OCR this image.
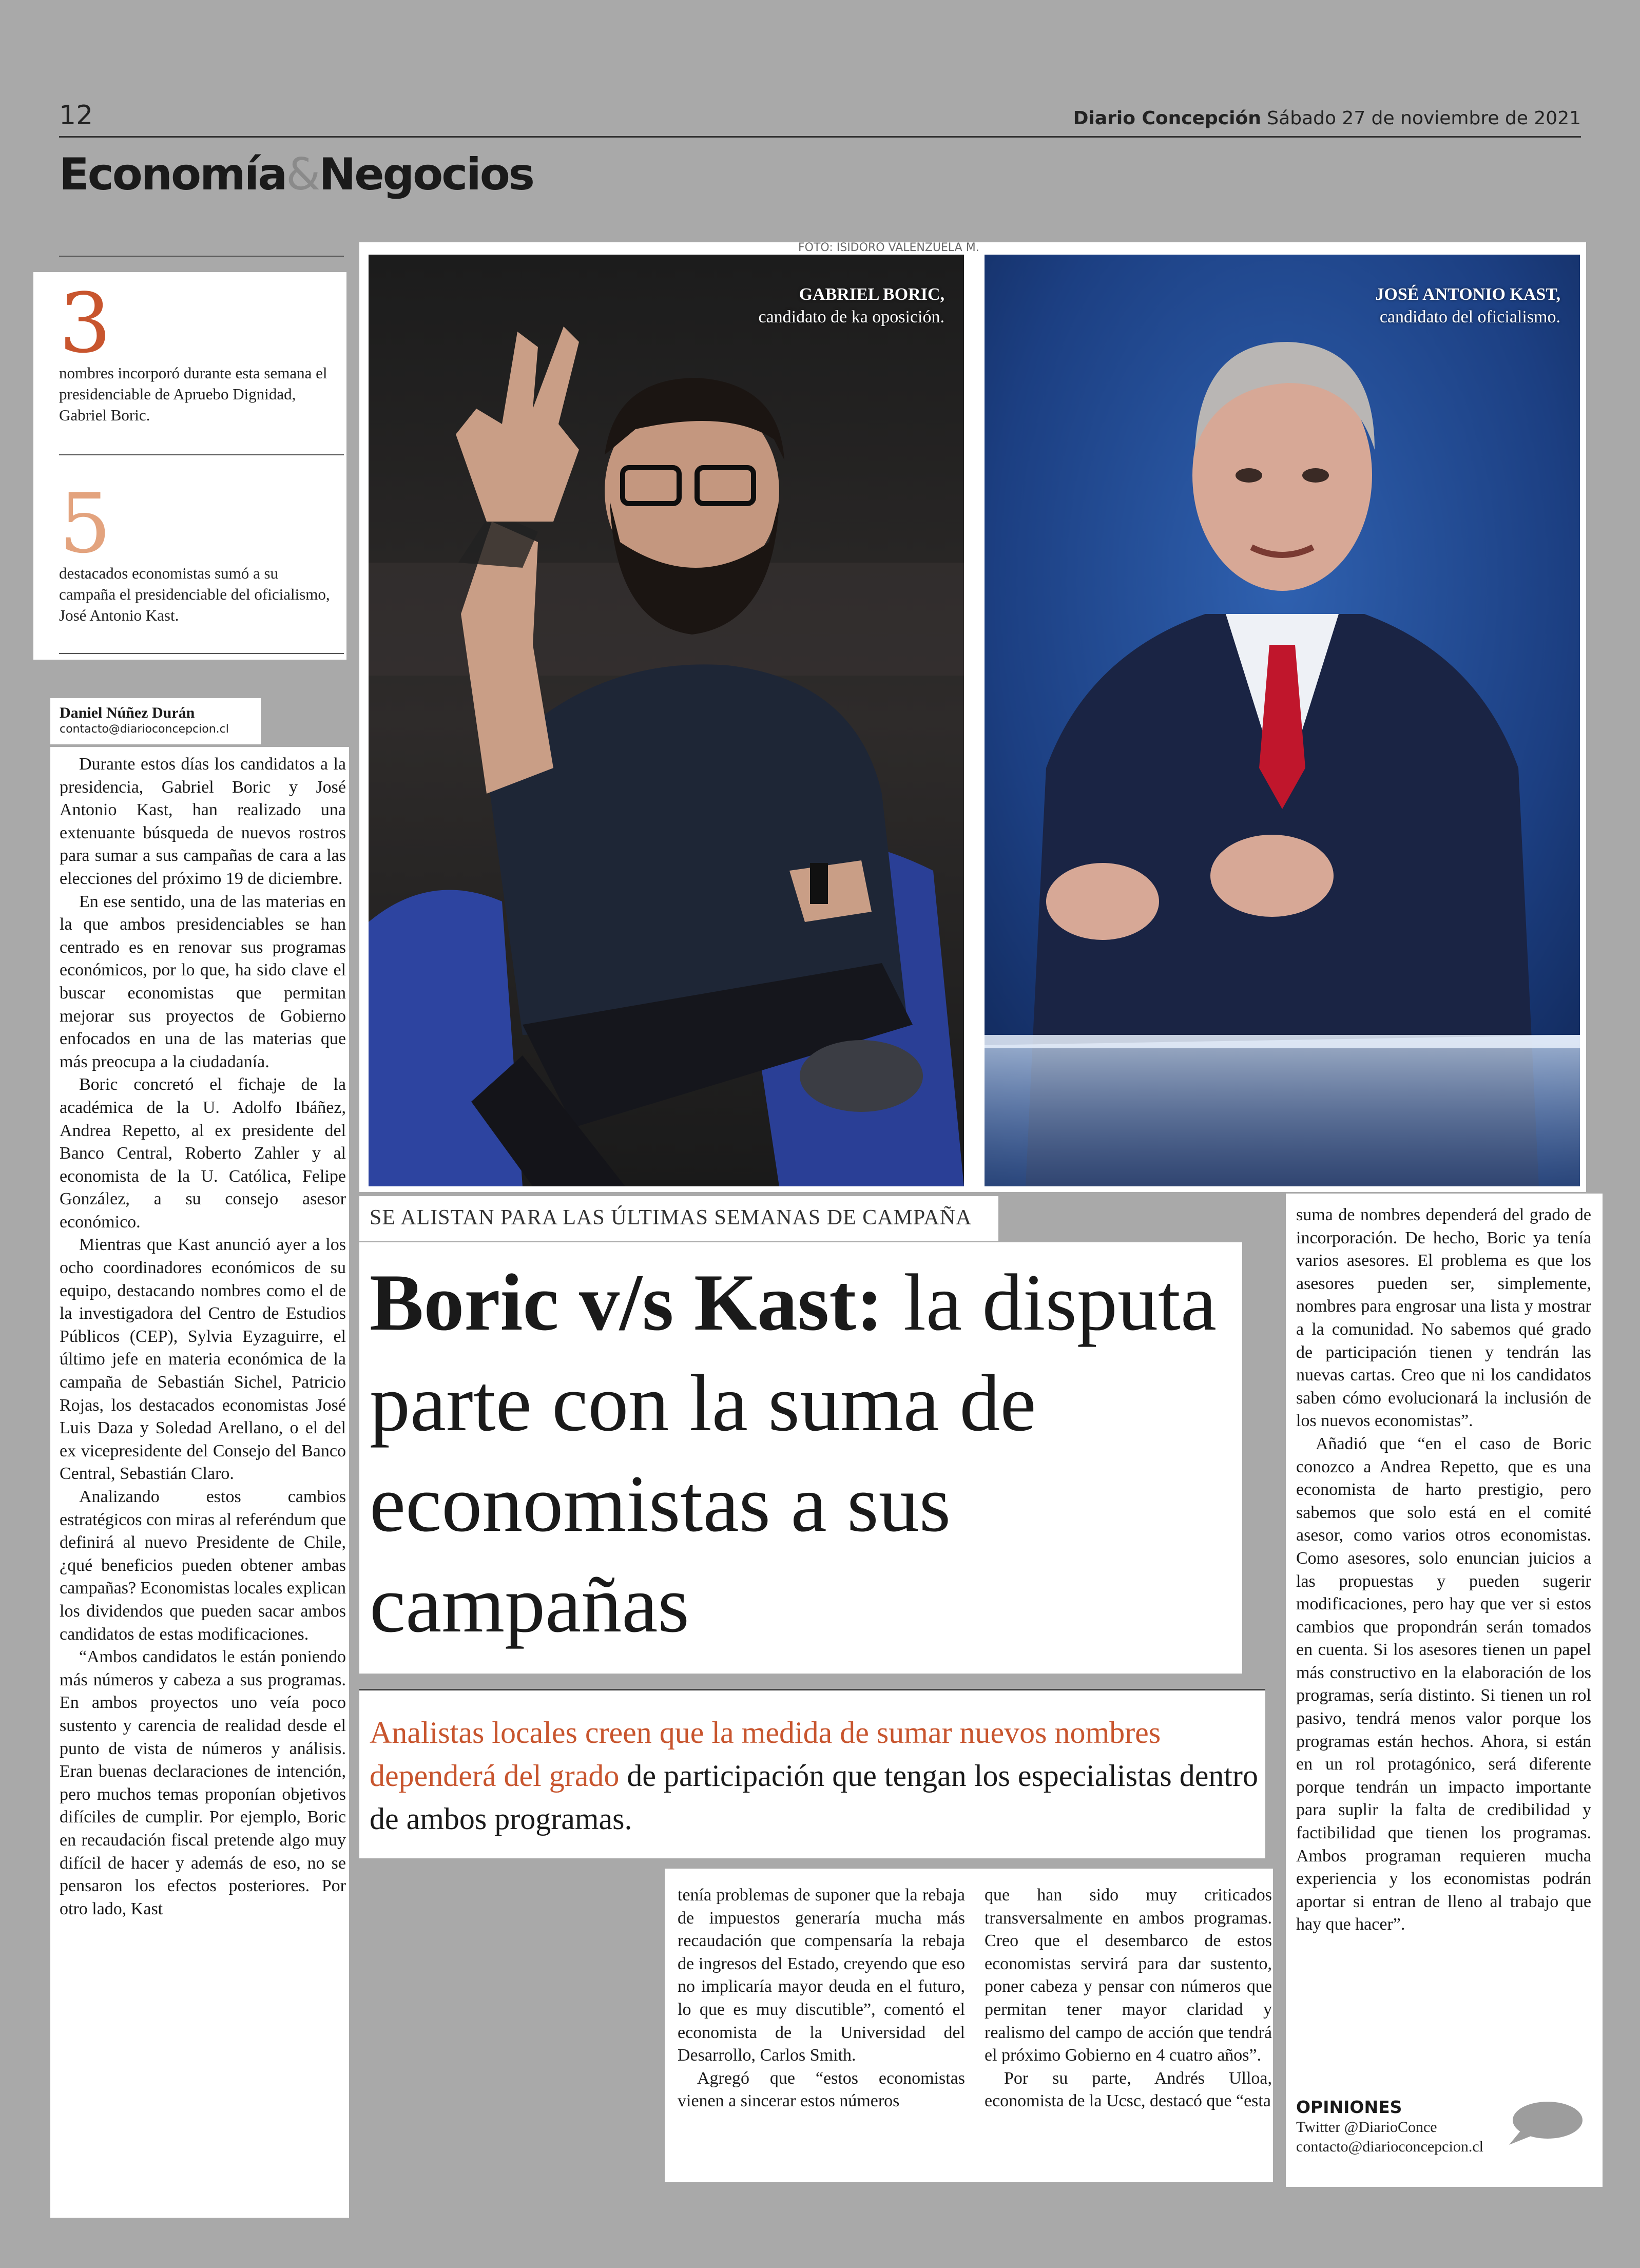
12	Diario Concepción Sábado 27 de noviembre de 2021
Economía&Negocios
3
nombres incorporó durante esta semana el presidenciable de Apruebo Dignidad, Gabriel Boric.
5
destacados economistas sumó a su campaña el presidenciable del oficialismo, José Antonio Kast.
GABRIEL BORIC,
candidato de ka oposición.
JOSÉ ANTONIO KAST, candidato del oficialismo.
FOTO: ISIDORO VALENZUELA M.
Daniel Núñez Durán
contacto@diarioconcepcion.cl

Durante estos días los candidatos a la presidencia, Gabriel Boric y José Antonio Kast, han realizado una extenuante búsqueda de nuevos rostros para sumar a sus campañas de cara a las elecciones del próximo 19 de diciembre.

En ese sentido, una de las materias en la que ambos presidenciables se han centrado es en renovar sus programas económicos, por lo que, ha sido clave el buscar economistas que permitan mejorar sus proyectos de Gobierno enfocados en una de las materias que más preocupa a la ciudadanía.

Boric concretó el fichaje de la académica de la U. Adolfo Ibáñez, Andrea Repetto, al ex presidente del Banco Central, Roberto Zahler y al economista de la U. Católica, Felipe González, a su consejo asesor económico.

Mientras que Kast anunció ayer a los ocho coordinadores económicos de su equipo, destacando nombres como el de la investigadora del Centro de Estudios Públicos (CEP), Sylvia Eyzaguirre, el último jefe en materia económica de la campaña de Sebastián Sichel, Patricio Rojas, los destacados economistas José Luis Daza y Soledad Arellano, o el del ex vicepresidente del Consejo del Banco Central, Sebastián Claro.

Analizando estos cambios estratégicos con miras al referéndum que definirá al nuevo Presidente de Chile, ¿qué beneficios pueden obtener ambas campañas? Economistas locales explican los dividendos que pueden sacar ambos candidatos de estas modificaciones.

“Ambos candidatos le están poniendo más números y cabeza a sus programas. En ambos proyectos uno veía poco sustento y carencia de realidad desde el punto de vista de números y análisis. Eran buenas declaraciones de intención, pero muchos temas proponían objetivos difíciles de cumplir. Por ejemplo, Boric en recaudación fiscal pretende algo muy difícil de hacer y además de eso, no se pensaron los efectos posteriores. Por otro lado, Kast

SE ALISTAN PARA LAS ÚLTIMAS SEMANAS DE CAMPAÑA
Boric v/s Kast: la disputa parte con la suma de economistas a sus campañas

Analistas locales creen que la medida de sumar nuevos nombres dependerá del grado de participación que tengan los especialistas dentro de ambos programas.

tenía problemas de suponer que la rebaja de impuestos generaría mucha más recaudación que compensaría la rebaja de ingresos del Estado, creyendo que eso no implicaría mayor deuda en el futuro, lo que es muy discutible”, comentó el economista de la Universidad del Desarrollo, Carlos Smith.

Agregó que “estos economistas vienen a sincerar estos números

que han sido muy criticados transversalmente en ambos programas. Creo que el desembarco de estos economistas servirá para dar sustento, poner cabeza y pensar con números que permitan tener mayor claridad y realismo del campo de acción que tendrá el próximo Gobierno en 4 cuatro años”.

Por su parte, Andrés Ulloa, economista de la Ucsc, destacó que “esta

suma de nombres dependerá del grado de incorporación. De hecho, Boric ya tenía varios asesores. El problema es que los asesores pueden ser, simplemente, nombres para engrosar una lista y mostrar a la comunidad. No sabemos qué grado de participación tienen y tendrán las nuevas cartas. Creo que ni los candidatos saben cómo evolucionará la inclusión de los nuevos economistas”.

Añadió que “en el caso de Boric conozco a Andrea Repetto, que es una economista de harto prestigio, pero sabemos que solo está en el comité asesor, como varios otros economistas. Como asesores, solo enuncian juicios a las propuestas y pueden sugerir modificaciones, pero hay que ver si estos cambios que propondrán serán tomados en cuenta. Si los asesores tienen un papel más constructivo en la elaboración de los programas, sería distinto. Si tienen un rol pasivo, tendrá menos valor porque los programas están hechos. Ahora, si están en un rol protagónico, será diferente porque tendrán un impacto importante para suplir la falta de credibilidad y factibilidad que tienen los programas. Ambos programan requieren mucha experiencia y los economistas podrán aportar si entran de lleno al trabajo que hay que hacer”.

OPINIONES
Twitter @DiarioConce
contacto@diarioconcepcion.cl
